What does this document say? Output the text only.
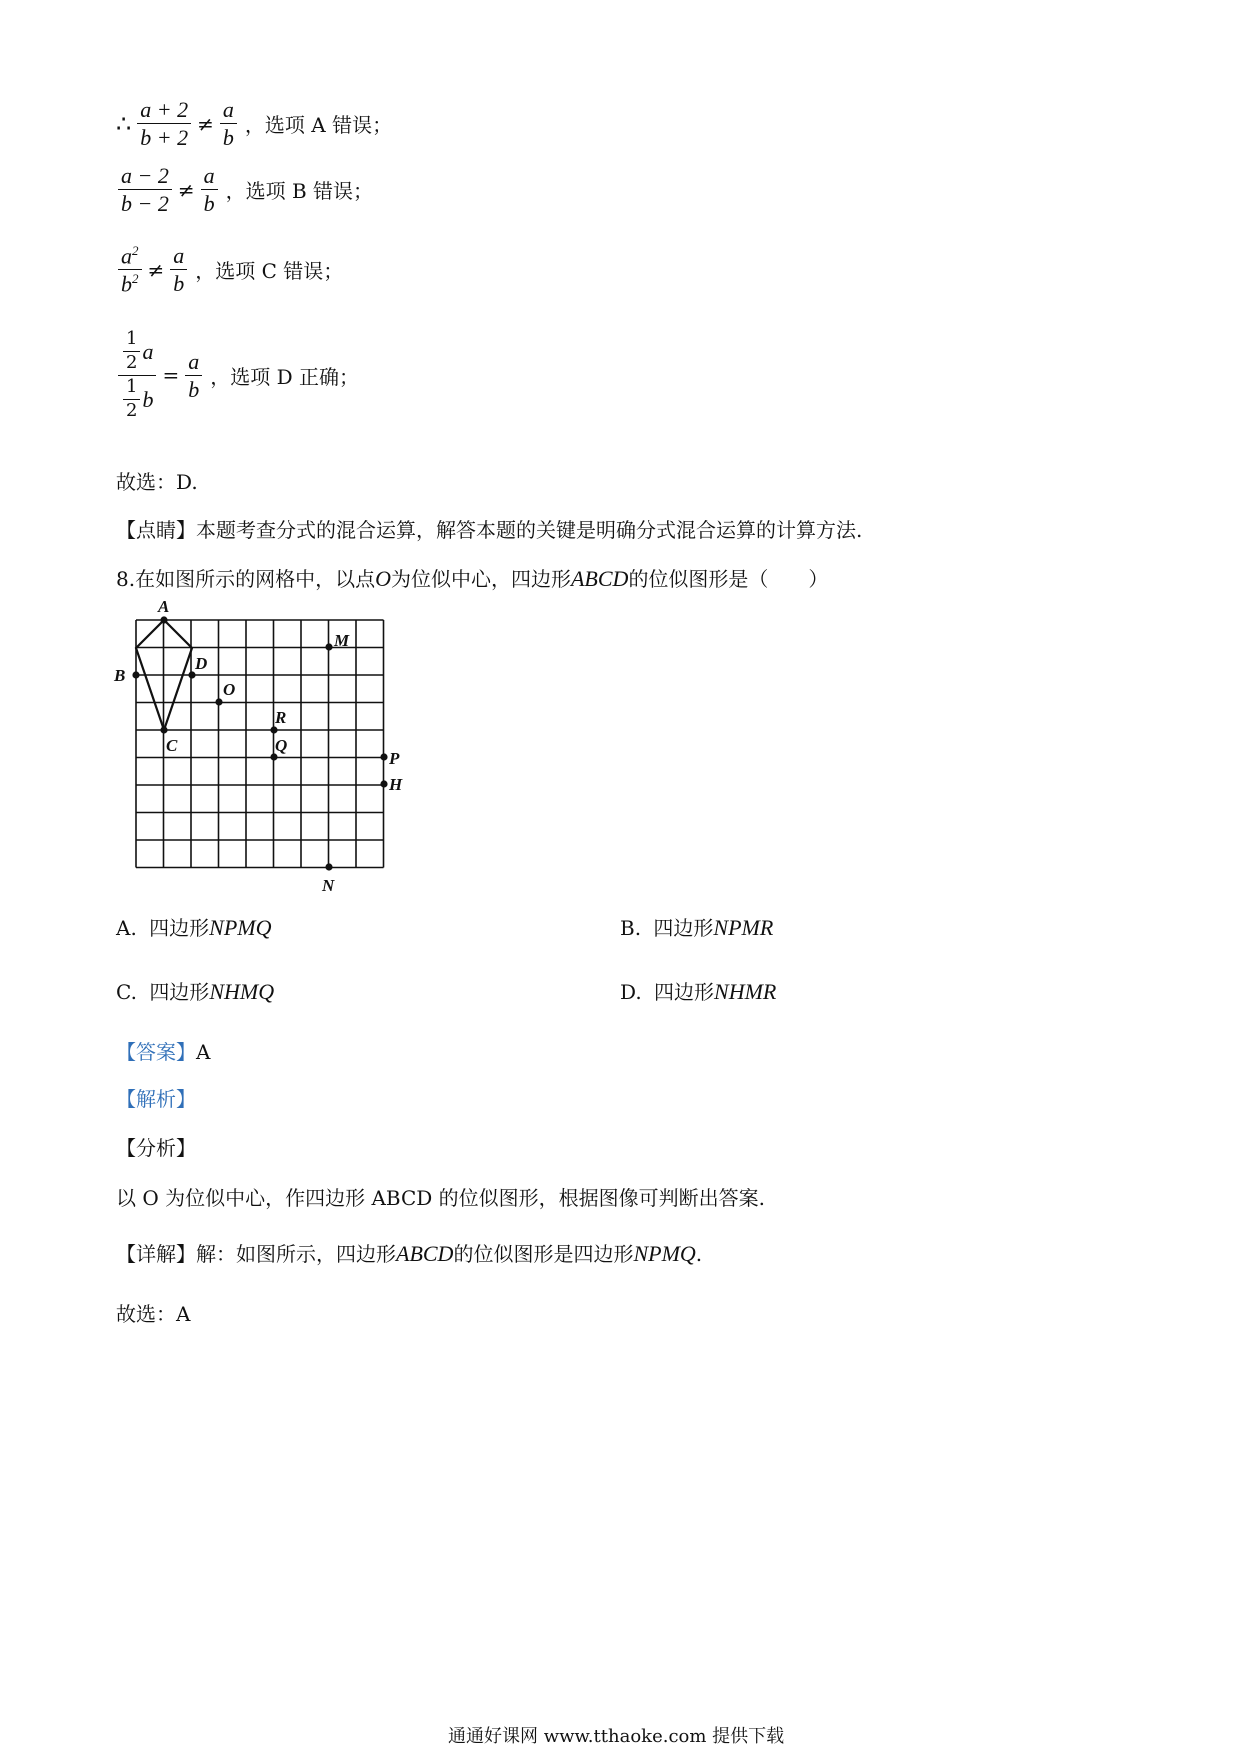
∴ $\frac{a + 2}{b + 2} \ne \frac{a}{b}$ ，选项 A 错误；
$\frac{a - 2}{b - 2} \ne \frac{a}{b}$ ，选项 B 错误；
$\frac{a^2}{b^2} \ne \frac{a}{b}$ ，选项 C 错误；
$\frac{\frac{1}{2} a}{\frac{1}{2} b} = \frac{a}{b}$ ，选项 D 正确；
故选：D.
【点睛】本题考查分式的混合运算，解答本题的关键是明确分式混合运算的计算方法.
8.在如图所示的网格中，以点O为位似中心，四边形ABCD的位似图形是（　　）
A
B
C
D
O
M
R
Q
P
H
N
A. 四边形NPMQ	B. 四边形NPMR
C. 四边形NHMQ	D. 四边形NHMR
【答案】A
【解析】
【分析】
以 O 为位似中心，作四边形 ABCD 的位似图形，根据图像可判断出答案.
【详解】解：如图所示，四边形ABCD的位似图形是四边形NPMQ.
故选：A
通通好课网 www.tthaoke.com 提供下载
